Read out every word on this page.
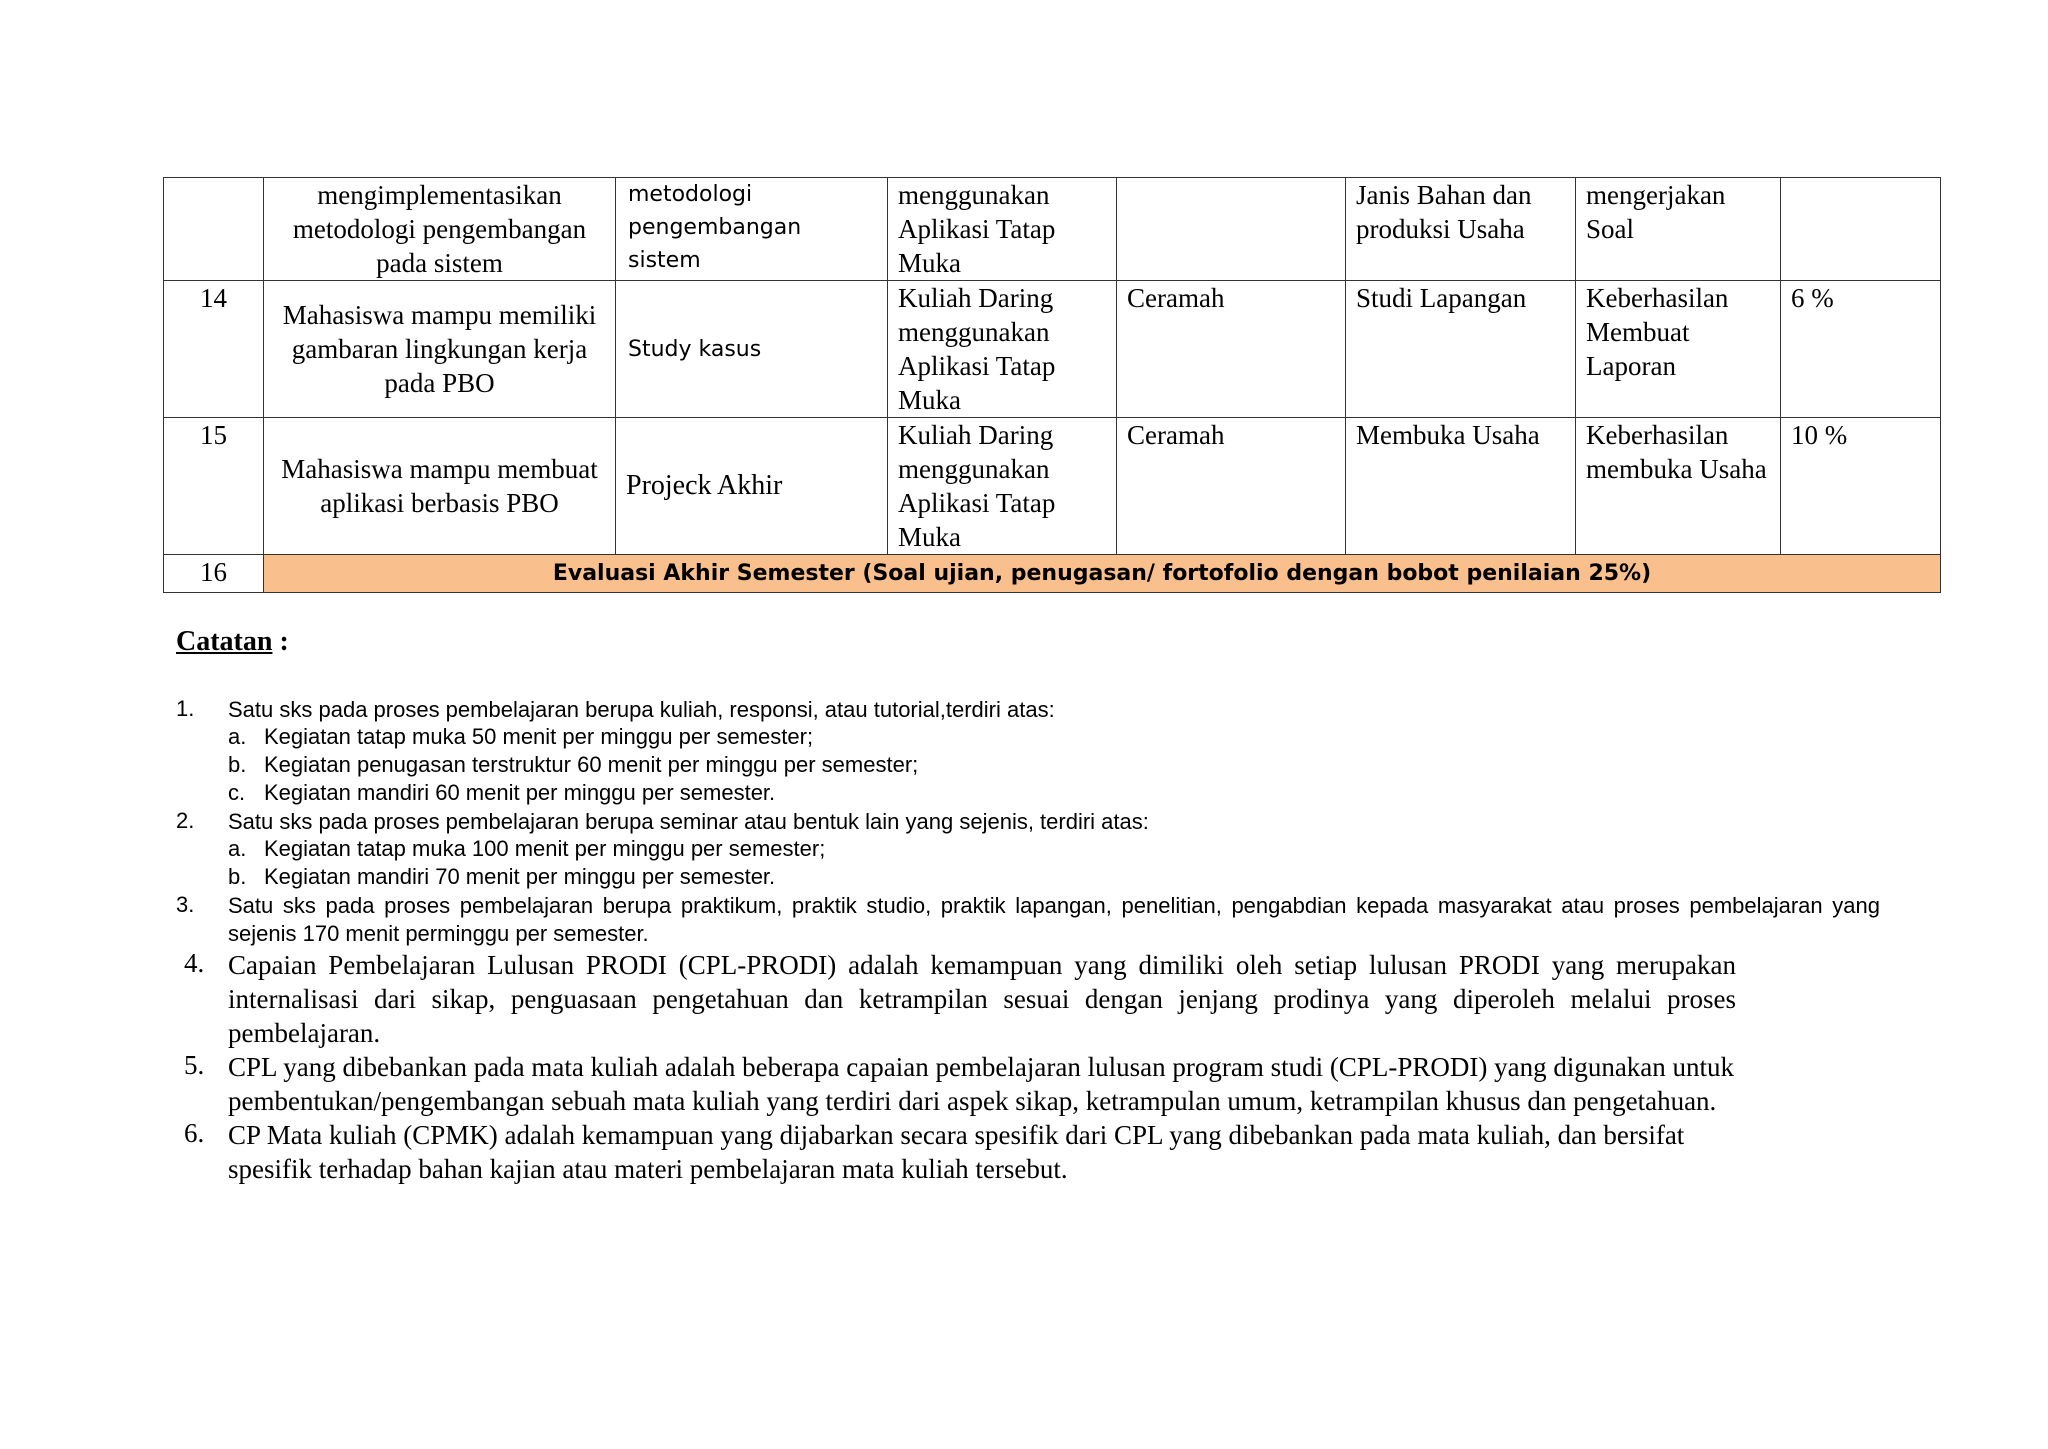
	mengimplementasikan metodologi pengembangan pada sistem	metodologi pengembangan sistem	menggunakan Aplikasi Tatap Muka		Janis Bahan dan produksi Usaha	mengerjakan Soal	
14	Mahasiswa mampu memiliki gambaran lingkungan kerja pada PBO	Study kasus	Kuliah Daring menggunakan Aplikasi Tatap Muka	Ceramah	Studi Lapangan	Keberhasilan Membuat Laporan	6 %
15	Mahasiswa mampu membuat aplikasi berbasis PBO	Projeck Akhir	Kuliah Daring menggunakan Aplikasi Tatap Muka	Ceramah	Membuka Usaha	Keberhasilan membuka Usaha	10 %
16	Evaluasi Akhir Semester (Soal ujian, penugasan/ fortofolio dengan bobot penilaian 25%)						
Catatan :
1. Satu sks pada proses pembelajaran berupa kuliah, responsi, atau tutorial,terdiri atas:
a. Kegiatan tatap muka 50 menit per minggu per semester;
b. Kegiatan penugasan terstruktur 60 menit per minggu per semester;
c. Kegiatan mandiri 60 menit per minggu per semester.
2. Satu sks pada proses pembelajaran berupa seminar atau bentuk lain yang sejenis, terdiri atas:
a. Kegiatan tatap muka 100 menit per minggu per semester;
b. Kegiatan mandiri 70 menit per minggu per semester.
3. Satu sks pada proses pembelajaran berupa praktikum, praktik studio, praktik lapangan, penelitian, pengabdian kepada masyarakat atau proses pembelajaran yang sejenis 170 menit perminggu per semester.
4. Capaian Pembelajaran Lulusan PRODI (CPL-PRODI) adalah kemampuan yang dimiliki oleh setiap lulusan PRODI yang merupakan internalisasi dari sikap, penguasaan pengetahuan dan ketrampilan sesuai dengan jenjang prodinya yang diperoleh melalui proses pembelajaran.
5. CPL yang dibebankan pada mata kuliah adalah beberapa capaian pembelajaran lulusan program studi (CPL-PRODI) yang digunakan untuk pembentukan/pengembangan sebuah mata kuliah yang terdiri dari aspek sikap, ketrampulan umum, ketrampilan khusus dan pengetahuan.
6. CP Mata kuliah (CPMK) adalah kemampuan yang dijabarkan secara spesifik dari CPL yang dibebankan pada mata kuliah, dan bersifat spesifik terhadap bahan kajian atau materi pembelajaran mata kuliah tersebut.
